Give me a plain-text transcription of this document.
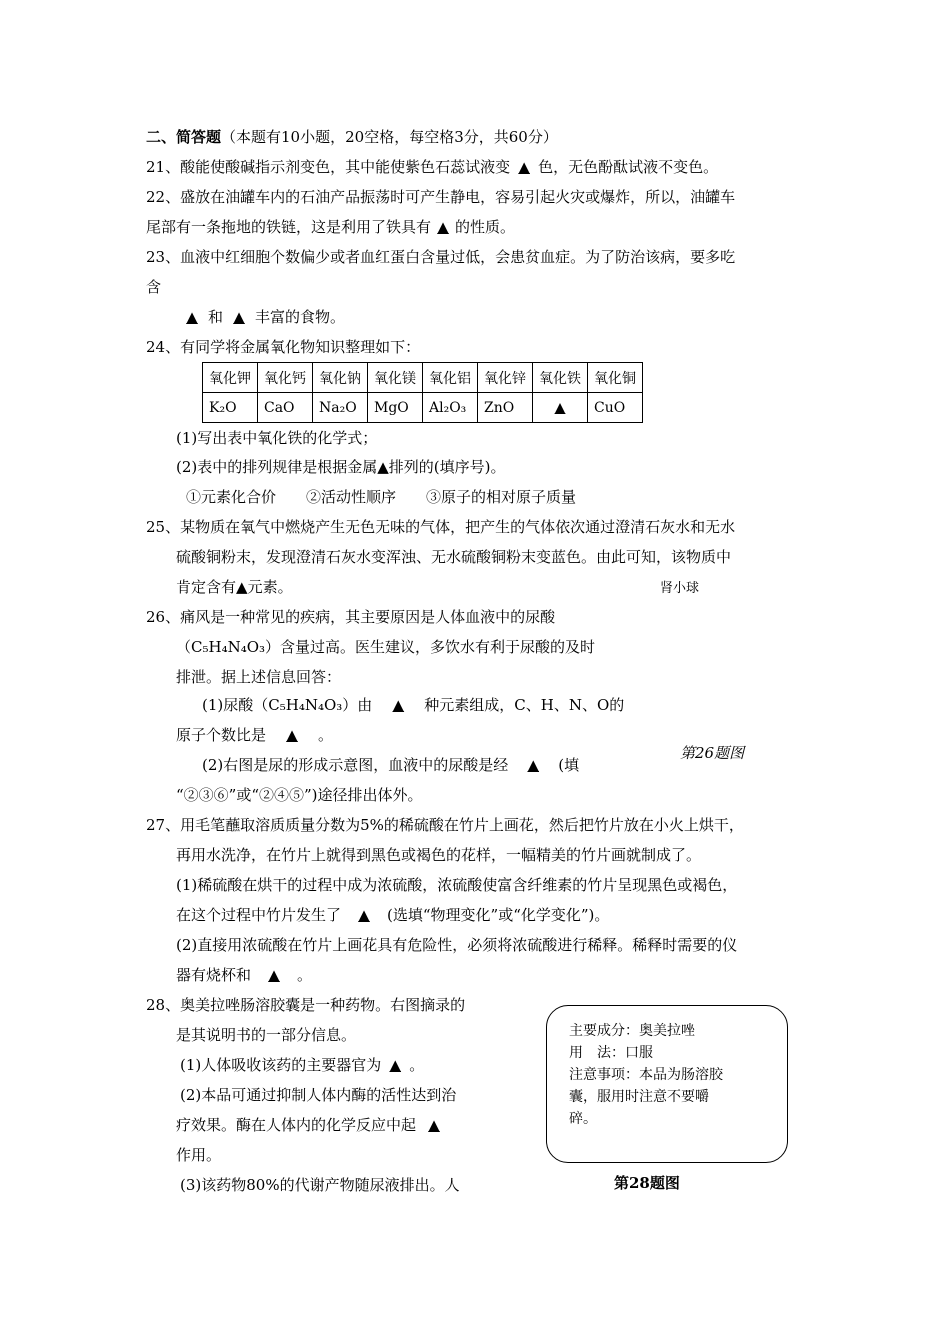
二、简答题（本题有10小题，20空格，每空格3分，共60分）
21、酸能使酸碱指示剂变色，其中能使紫色石蕊试液变 ▲ 色，无色酚酞试液不变色。
22、盛放在油罐车内的石油产品振荡时可产生静电，容易引起火灾或爆炸，所以，油罐车
尾部有一条拖地的铁链，这是利用了铁具有 ▲ 的性质。
23、血液中红细胞个数偏少或者血红蛋白含量过低，会患贫血症。为了防治该病，要多吃
含
▲ 和 ▲ 丰富的食物。
24、有同学将金属氧化物知识整理如下：
氧化钾	氧化钙	氧化钠	氧化镁	氧化铝	氧化锌	氧化铁	氧化铜
K₂O	CaO	Na₂O	MgO	Al₂O₃	ZnO	▲	CuO
(1)写出表中氧化铁的化学式；
(2)表中的排列规律是根据金属▲排列的(填序号)。
①元素化合价　　②活动性顺序　　③原子的相对原子质量
25、某物质在氧气中燃烧产生无色无味的气体，把产生的气体依次通过澄清石灰水和无水
硫酸铜粉末，发现澄清石灰水变浑浊、无水硫酸铜粉末变蓝色。由此可知，该物质中
肯定含有▲元素。	肾小球
26、痛风是一种常见的疾病，其主要原因是人体血液中的尿酸
（C₅H₄N₄O₃）含量过高。医生建议，多饮水有利于尿酸的及时
排泄。据上述信息回答：
(1)尿酸（C₅H₄N₄O₃）由 ▲ 种元素组成，C、H、N、O的
原子个数比是 ▲ 。
第26题图
(2)右图是尿的形成示意图，血液中的尿酸是经 ▲ (填
“②③⑥”或“②④⑤”)途径排出体外。
27、用毛笔蘸取溶质质量分数为5%的稀硫酸在竹片上画花，然后把竹片放在小火上烘干，
再用水洗净，在竹片上就得到黑色或褐色的花样，一幅精美的竹片画就制成了。
(1)稀硫酸在烘干的过程中成为浓硫酸，浓硫酸使富含纤维素的竹片呈现黑色或褐色，
在这个过程中竹片发生了 ▲ (选填“物理变化”或“化学变化”)。
(2)直接用浓硫酸在竹片上画花具有危险性，必须将浓硫酸进行稀释。稀释时需要的仪
器有烧杯和 ▲ 。
28、奥美拉唑肠溶胶囊是一种药物。右图摘录的
是其说明书的一部分信息。
(1)人体吸收该药的主要器官为 ▲ 。
(2)本品可通过抑制人体内酶的活性达到治
疗效果。酶在人体内的化学反应中起 ▲
作用。
(3)该药物80%的代谢产物随尿液排出。人
主要成分：奥美拉唑
用　法：口服
注意事项：本品为肠溶胶
囊，服用时注意不要嚼
碎。
第28题图
